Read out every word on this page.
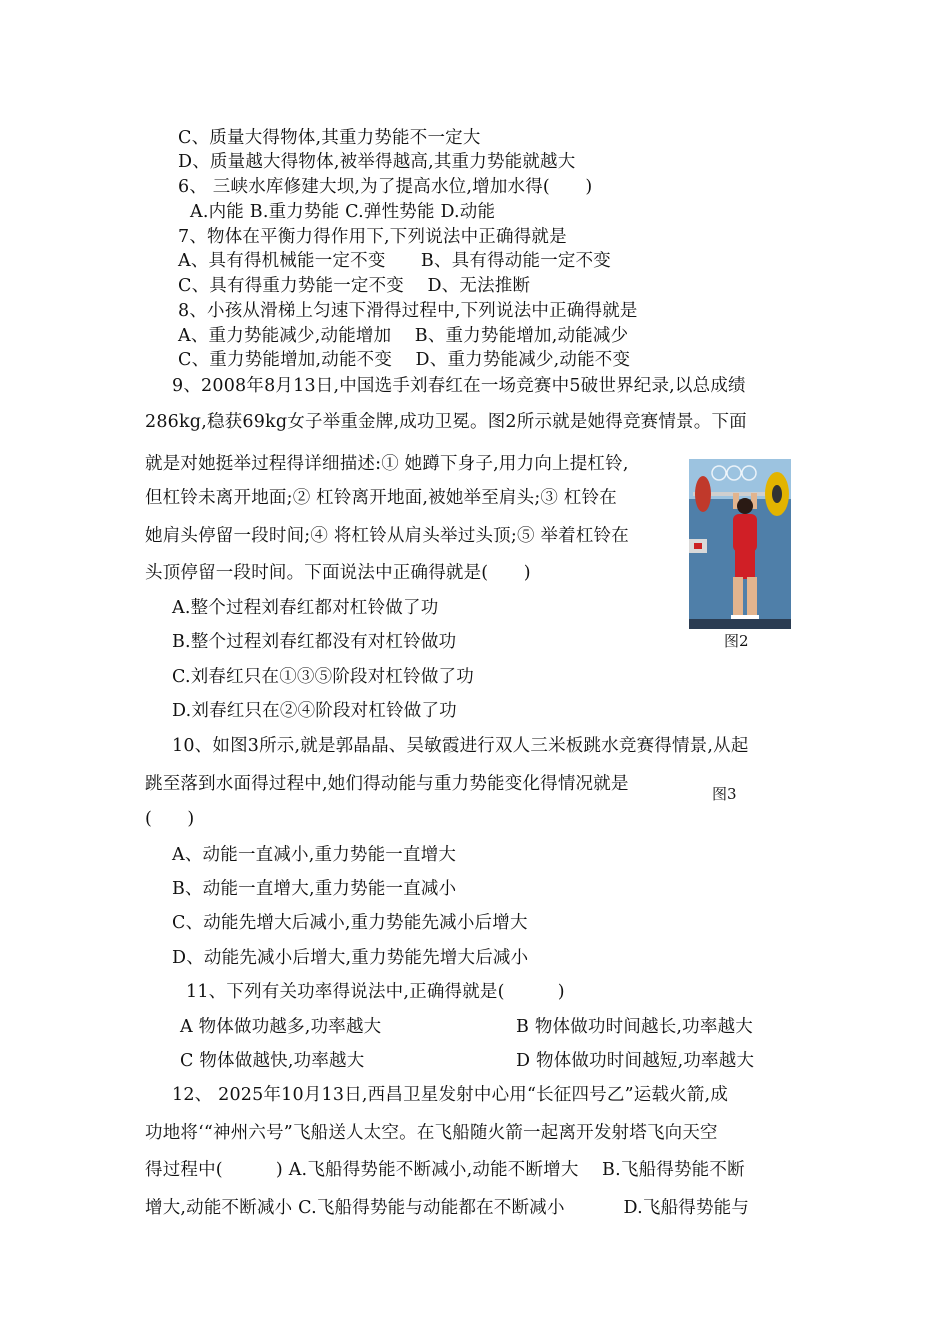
C、质量大得物体,其重力势能不一定大
D、质量越大得物体,被举得越高,其重力势能就越大
6、 三峡水库修建大坝,为了提高水位,增加水得(　　)
A.内能 B.重力势能 C.弹性势能 D.动能
7、物体在平衡力得作用下,下列说法中正确得就是
A、具有得机械能一定不变　　B、具有得动能一定不变
C、具有得重力势能一定不变　 D、无法推断
8、小孩从滑梯上匀速下滑得过程中,下列说法中正确得就是
A、重力势能减少,动能增加　 B、重力势能增加,动能减少
C、重力势能增加,动能不变　 D、重力势能减少,动能不变
9、2008年8月13日,中国选手刘春红在一场竞赛中5破世界纪录,以总成绩
286kg,稳获69kg女子举重金牌,成功卫冕。图2所示就是她得竞赛情景。下面
就是对她挺举过程得详细描述:① 她蹲下身子,用力向上提杠铃,
但杠铃未离开地面;② 杠铃离开地面,被她举至肩头;③ 杠铃在
她肩头停留一段时间;④ 将杠铃从肩头举过头顶;⑤ 举着杠铃在
头顶停留一段时间。下面说法中正确得就是(　　)
A.整个过程刘春红都对杠铃做了功
B.整个过程刘春红都没有对杠铃做功
C.刘春红只在①③⑤阶段对杠铃做了功
D.刘春红只在②④阶段对杠铃做了功
图2
10、如图3所示,就是郭晶晶、吴敏霞进行双人三米板跳水竞赛得情景,从起
跳至落到水面得过程中,她们得动能与重力势能变化得情况就是	图3
(　　)
A、动能一直减小,重力势能一直增大
B、动能一直增大,重力势能一直减小
C、动能先增大后减小,重力势能先减小后增大
D、动能先减小后增大,重力势能先增大后减小
11、下列有关功率得说法中,正确得就是(　　　)
A 物体做功越多,功率越大	B 物体做功时间越长,功率越大
C 物体做越快,功率越大	D 物体做功时间越短,功率越大
12、 2025年10月13日,西昌卫星发射中心用“长征四号乙”运载火箭,成
功地将‘“神州六号”飞船送人太空。在飞船随火箭一起离开发射塔飞向天空
得过程中(　　　) A.飞船得势能不断减小,动能不断增大　 B.飞船得势能不断
增大,动能不断减小 C.飞船得势能与动能都在不断减小　　　 D.飞船得势能与
